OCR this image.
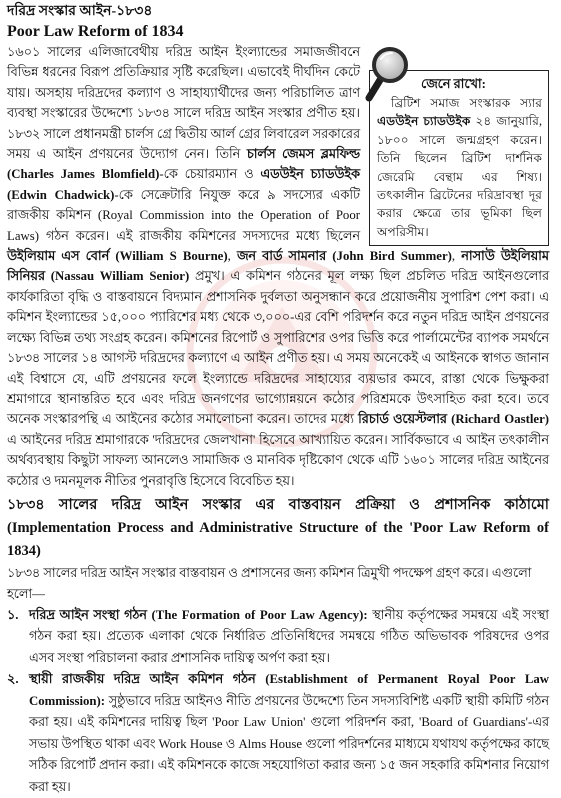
দরিদ্র সংস্কার আইন-১৮৩৪
Poor Law Reform of 1834
জেনে রাখো:
ব্রিটিশ সমাজ সংস্কারক স্যার এডউইন চ্যাডউইক ২৪ জানুয়ারি, ১৮০০ সালে জন্মগ্রহণ করেন। তিনি ছিলেন ব্রিটিশ দার্শনিক জেরেমি বেন্থাম এর শিষ্য। তৎকালীন ব্রিটেনের দরিদ্রাবস্থা দূর করার ক্ষেত্রে তার ভূমিকা ছিল অপরিসীম।
১৬০১ সালের এলিজাবেথীয় দরিদ্র আইন ইংল্যান্ডের সমাজজীবনে বিভিন্ন ধরনের বিরূপ প্রতিক্রিয়ার সৃষ্টি করেছিল। এভাবেই দীর্ঘদিন কেটে যায়। অসহায় দরিদ্রদের কল্যাণ ও সাহায্যার্থীদের জন্য পরিচালিত ত্রাণ ব্যবস্থা সংস্কারের উদ্দেশ্যে ১৮৩৪ সালে দরিদ্র আইন সংস্কার প্রণীত হয়। ১৮৩২ সালে প্রধানমন্ত্রী চার্লস গ্রে দ্বিতীয় আর্ল গ্রের লিবারেল সরকারের সময় এ আইন প্রণয়নের উদ্যোগ নেন। তিনি চার্লস জেমস ব্লমফিল্ড (Charles James Blomfield)-কে চেয়ারম্যান ও এডউইন চ্যাডউইক (Edwin Chadwick)-কে সেক্রেটারি নিযুক্ত করে ৯ সদস্যের একটি রাজকীয় কমিশন (Royal Commission into the Operation of Poor Laws) গঠন করেন। এই রাজকীয় কমিশনের সদস্যদের মধ্যে ছিলেন উইলিয়াম এস বোর্ন (William S Bourne), জন বার্ড সামনার (John Bird Summer), নাসাউ উইলিয়াম সিনিয়র (Nassau William Senior) প্রমুখ। এ কমিশন গঠনের মূল লক্ষ্য ছিল প্রচলিত দরিদ্র আইনগুলোর কার্যকারিতা বৃদ্ধি ও বাস্তবায়নে বিদ্যমান প্রশাসনিক দুর্বলতা অনুসন্ধান করে প্রয়োজনীয় সুপারিশ পেশ করা। এ কমিশন ইংল্যান্ডের ১৫,০০০ প্যারিশের মধ্য থেকে ৩,০০০-এর বেশি পরিদর্শন করে নতুন দরিদ্র আইন প্রণয়নের লক্ষ্যে বিভিন্ন তথ্য সংগ্রহ করেন। কমিশনের রিপোর্ট ও সুপারিশের ওপর ভিত্তি করে পার্লামেন্টের ব্যাপক সমর্থনে ১৮৩৪ সালের ১৪ আগস্ট দরিদ্রদের কল্যাণে এ আইন প্রণীত হয়। এ সময় অনেকেই এ আইনকে স্বাগত জানান এই বিশ্বাসে যে, এটি প্রণয়নের ফলে ইংল্যান্ডে দরিদ্রদের সাহায্যের ব্যয়ভার কমবে, রাস্তা থেকে ভিক্ষুকরা শ্রমাগারে স্থানান্তরিত হবে এবং দরিদ্র জনগণের ভাগ্যোন্নয়নে কঠোর পরিশ্রমকে উৎসাহিত করা হবে। তবে অনেক সংস্কারপন্থি এ আইনের কঠোর সমালোচনা করেন। তাদের মধ্যে রিচার্ড ওয়েস্টলার (Richard Oastler) এ আইনের দরিদ্র শ্রমাগারকে 'দরিদ্রদের জেলখানা' হিসেবে আখ্যায়িত করেন। সার্বিকভাবে এ আইন তৎকালীন অর্থব্যবস্থায় কিছুটা সাফল্য আনলেও সামাজিক ও মানবিক দৃষ্টিকোণ থেকে এটি ১৬০১ সালের দরিদ্র আইনের কঠোর ও দমনমূলক নীতির পুনরাবৃত্তি হিসেবে বিবেচিত হয়।
১৮৩৪ সালের দরিদ্র আইন সংস্কার এর বাস্তবায়ন প্রক্রিয়া ও প্রশাসনিক কাঠামো (Implementation Process and Administrative Structure of the 'Poor Law Reform of 1834)

১৮৩৪ সালের দরিদ্র আইন সংস্কার বাস্তবায়ন ও প্রশাসনের জন্য কমিশন ত্রিমুখী পদক্ষেপ গ্রহণ করে। এগুলো হলো—

১. দরিদ্র আইন সংস্থা গঠন (The Formation of Poor Law Agency): স্থানীয় কর্তৃপক্ষের সমন্বয়ে এই সংস্থা গঠন করা হয়। প্রত্যেক এলাকা থেকে নির্ধারিত প্রতিনিধিদের সমন্বয়ে গঠিত অভিভাবক পরিষদের ওপর এসব সংস্থা পরিচালনা করার প্রশাসনিক দায়িত্ব অর্পণ করা হয়।
২. স্থায়ী রাজকীয় দরিদ্র আইন কমিশন গঠন (Establishment of Permanent Royal Poor Law Commission): সুষ্ঠুভাবে দরিদ্র আইনও নীতি প্রণয়নের উদ্দেশ্যে তিন সদস্যবিশিষ্ট একটি স্থায়ী কমিটি গঠন করা হয়। এই কমিশনের দায়িত্ব ছিল 'Poor Law Union' গুলো পরিদর্শন করা, 'Board of Guardians'-এর সভায় উপস্থিত থাকা এবং Work House ও Alms House গুলো পরিদর্শনের মাধ্যমে যথাযথ কর্তৃপক্ষের কাছে সঠিক রিপোর্ট প্রদান করা। এই কমিশনকে কাজে সহযোগিতা করার জন্য ১৫ জন সহকারি কমিশনার নিয়োগ করা হয়।
